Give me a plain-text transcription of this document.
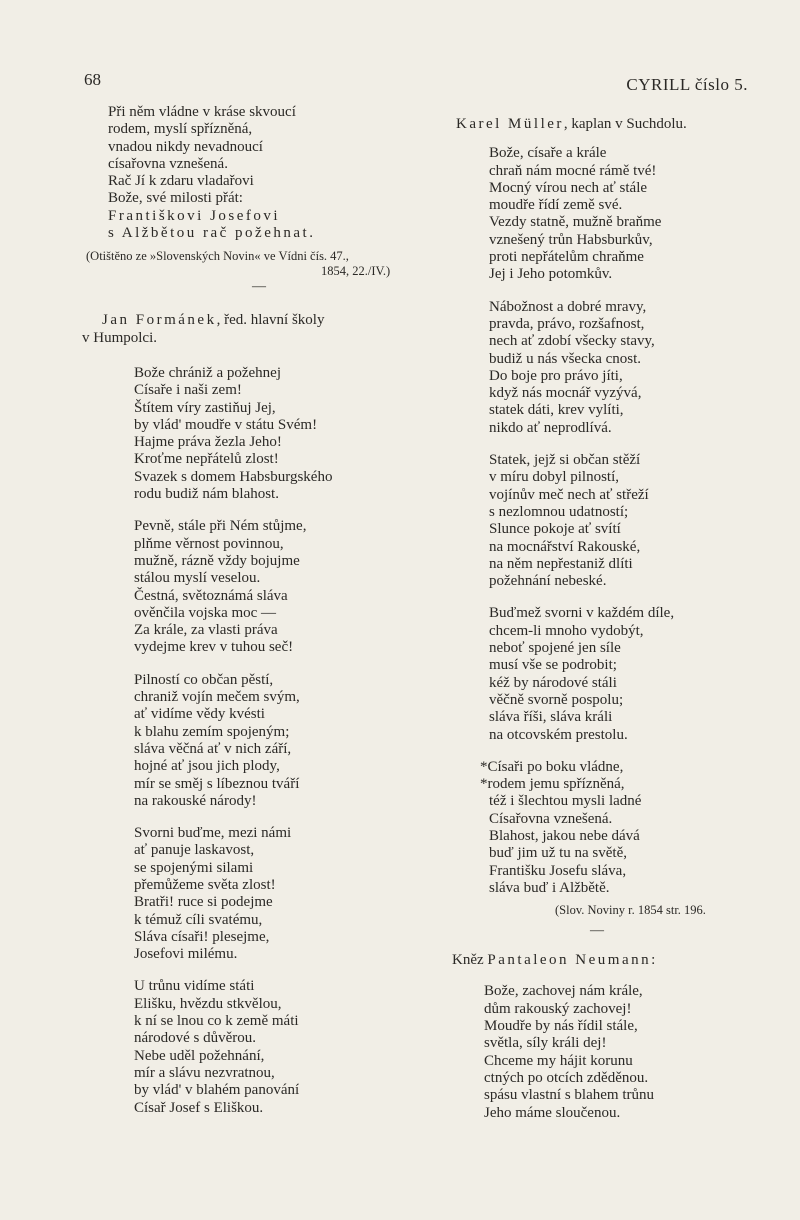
68	CYRILL číslo 5.
Při něm vládne v kráse skvoucí
rodem, myslí spřízněná,
vnadou nikdy nevadnoucí
císařovna vznešená.
Rač Jí k zdaru vladařovi
Bože, své milosti přát:
Františkovi Josefovi
s Alžbětou rač požehnat.
(Otištěno ze »Slovenských Novin« ve Vídni čís. 47.,
1854, 22./IV.)
—
Jan Formánek, řed. hlavní školy
v Humpolci.
Bože chrániž a požehnej
Císaře i naši zem!
Štítem víry zastiňuj Jej,
by vlád' moudře v státu Svém!
Hajme práva žezla Jeho!
Kroťme nepřátelů zlost!
Svazek s domem Habsburgského
rodu budiž nám blahost.
Pevně, stále při Ném stůjme,
plňme věrnost povinnou,
mužně, rázně vždy bojujme
stálou myslí veselou.
Čestná, světoznámá sláva
ověnčila vojska moc —
Za krále, za vlasti práva
vydejme krev v tuhou seč!
Pilností co občan pěstí,
chraniž vojín mečem svým,
ať vidíme vědy kvésti
k blahu zemím spojeným;
sláva věčná ať v nich září,
hojné ať jsou jich plody,
mír se směj s líbeznou tváří
na rakouské národy!
Svorni buďme, mezi námi
ať panuje laskavost,
se spojenými silami
přemůžeme světa zlost!
Bratři! ruce si podejme
k témuž cíli svatému,
Sláva císaři! plesejme,
Josefovi milému.
U trůnu vidíme státi
Elišku, hvězdu stkvělou,
k ní se lnou co k země máti
národové s důvěrou.
Nebe uděl požehnání,
mír a slávu nezvratnou,
by vlád' v blahém panování
Císař Josef s Eliškou.
Karel Müller, kaplan v Suchdolu.
Bože, císaře a krále
chraň nám mocné rámě tvé!
Mocný vírou nech ať stále
moudře řídí země své.
Vezdy statně, mužně braňme
vznešený trůn Habsburkův,
proti nepřátelům chraňme
Jej i Jeho potomkův.
Nábožnost a dobré mravy,
pravda, právo, rozšafnost,
nech ať zdobí všecky stavy,
budiž u nás všecka cnost.
Do boje pro právo jíti,
když nás mocnář vyzývá,
statek dáti, krev vylíti,
nikdo ať neprodlívá.
Statek, jejž si občan stěží
v míru dobyl pilností,
vojínův meč nech ať střeží
s nezlomnou udatností;
Slunce pokoje ať svítí
na mocnářství Rakouské,
na něm nepřestaniž dlíti
požehnání nebeské.
Buďmež svorni v každém díle,
chcem-li mnoho vydobýt,
neboť spojené jen síle
musí vše se podrobit;
kéž by národové stáli
věčně svorně pospolu;
sláva říši, sláva králi
na otcovském prestolu.
*Císaři po boku vládne,
*rodem jemu spřízněná,
též i šlechtou mysli ladné
Císařovna vznešená.
Blahost, jakou nebe dává
buď jim už tu na světě,
Františku Josefu sláva,
sláva buď i Alžbětě.
(Slov. Noviny r. 1854 str. 196.
—
Kněz Pantaleon Neumann:
Bože, zachovej nám krále,
dům rakouský zachovej!
Moudře by nás řídil stále,
světla, síly králi dej!
Chceme my hájit korunu
ctných po otcích zděděnou.
spásu vlastní s blahem trůnu
Jeho máme sloučenou.
